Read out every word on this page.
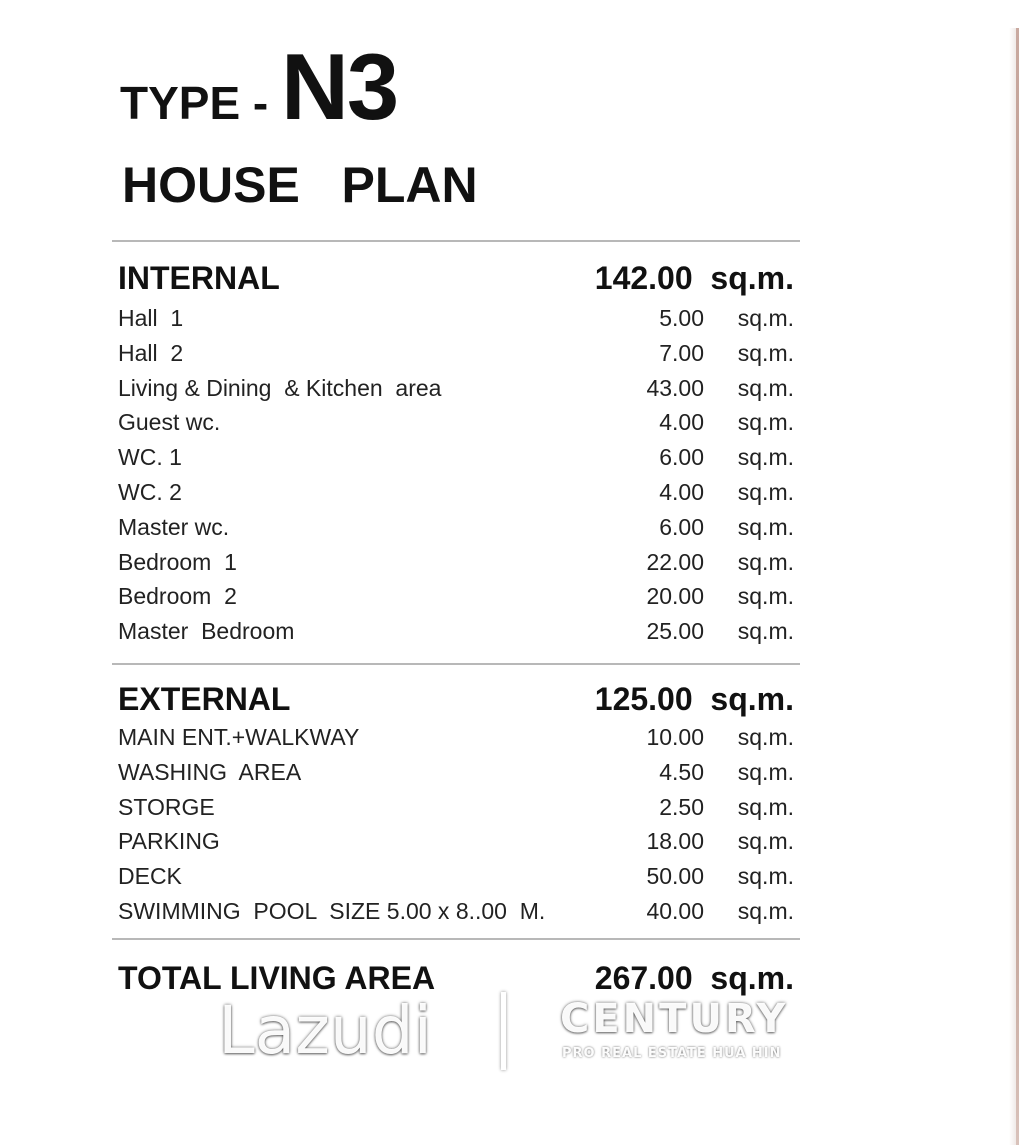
TYPE - N3
HOUSE   PLAN
INTERNAL	142.00  sq.m.
Hall  1	5.00 sq.m.
Hall  2	7.00 sq.m.
Living & Dining  & Kitchen  area	43.00 sq.m.
Guest wc.	4.00 sq.m.
WC. 1	6.00 sq.m.
WC. 2	4.00 sq.m.
Master wc.	6.00 sq.m.
Bedroom  1	22.00 sq.m.
Bedroom  2	20.00 sq.m.
Master  Bedroom	25.00 sq.m.
EXTERNAL	125.00  sq.m.
MAIN ENT.+WALKWAY	10.00 sq.m.
WASHING  AREA	4.50 sq.m.
STORGE	2.50 sq.m.
PARKING	18.00 sq.m.
DECK	50.00 sq.m.
SWIMMING  POOL  SIZE 5.00 x 8..00  M.	40.00 sq.m.
TOTAL LIVING AREA	267.00  sq.m.
Lazudi	CENTURY
PRO REAL ESTATE HUA HIN
